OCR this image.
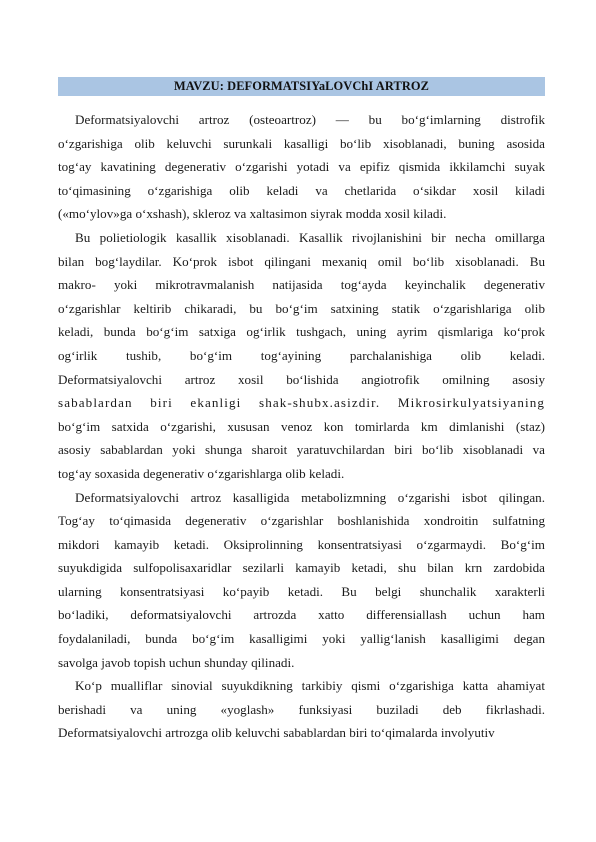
MAVZU: DEFORMATSIYaLOVChI ARTROZ
Deformatsiyalovchi artroz (osteoartroz) — bu bo‘g‘imlarning distrofik
o‘zgarishiga olib keluvchi surunkali kasalligi bo‘lib xisoblanadi, buning asosida
tog‘ay kavatining degenerativ o‘zgarishi yotadi va epifiz qismida ikkilamchi suyak
to‘qimasining o‘zgarishiga olib keladi va chetlarida o‘sikdar xosil kiladi
(«mo‘ylov»ga o‘xshash), skleroz va xaltasimon siyrak modda xosil kiladi.
Bu polietiologik kasallik xisoblanadi. Kasallik rivojlanishini bir necha omillarga
bilan bog‘laydilar. Ko‘prok isbot qilingani mexaniq omil bo‘lib xisoblanadi. Bu
makro- yoki mikrotravmalanish natijasida tog‘ayda keyinchalik degenerativ
o‘zgarishlar keltirib chikaradi, bu bo‘g‘im satxining statik o‘zgarishlariga olib
keladi, bunda bo‘g‘im satxiga og‘irlik tushgach, uning ayrim qismlariga ko‘prok
og‘irlik tushib, bo‘g‘im tog‘ayining parchalanishiga olib keladi.
Deformatsiyalovchi artroz xosil bo‘lishida angiotrofik omilning asosiy
sabablardan biri ekanligi shak-shubx.asizdir. Mikrosirkulyatsiyaning
bo‘g‘im satxida o‘zgarishi, xususan venoz kon tomirlarda km dimlanishi (staz)
asosiy sabablardan yoki shunga sharoit yaratuvchilardan biri bo‘lib xisoblanadi va
tog‘ay soxasida degenerativ o‘zgarishlarga olib keladi.
Deformatsiyalovchi artroz kasalligida metabolizmning o‘zgarishi isbot qilingan.
Tog‘ay to‘qimasida degenerativ o‘zgarishlar boshlanishida xondroitin sulfatning
mikdori kamayib ketadi. Oksiprolinning konsentratsiyasi o‘zgarmaydi. Bo‘g‘im
suyukdigida sulfopolisaxaridlar sezilarli kamayib ketadi, shu bilan krn zardobida
ularning konsentratsiyasi ko‘payib ketadi. Bu belgi shunchalik xarakterli
bo‘ladiki, deformatsiyalovchi artrozda xatto differensiallash uchun ham
foydalaniladi, bunda bo‘g‘im kasalligimi yoki yallig‘lanish kasalligimi degan
savolga javob topish uchun shunday qilinadi.
Ko‘p mualliflar sinovial suyukdikning tarkibiy qismi o‘zgarishiga katta ahamiyat
berishadi va uning «yoglash» funksiyasi buziladi deb fikrlashadi.
Deformatsiyalovchi artrozga olib keluvchi sabablardan biri to‘qimalarda involyutiv
